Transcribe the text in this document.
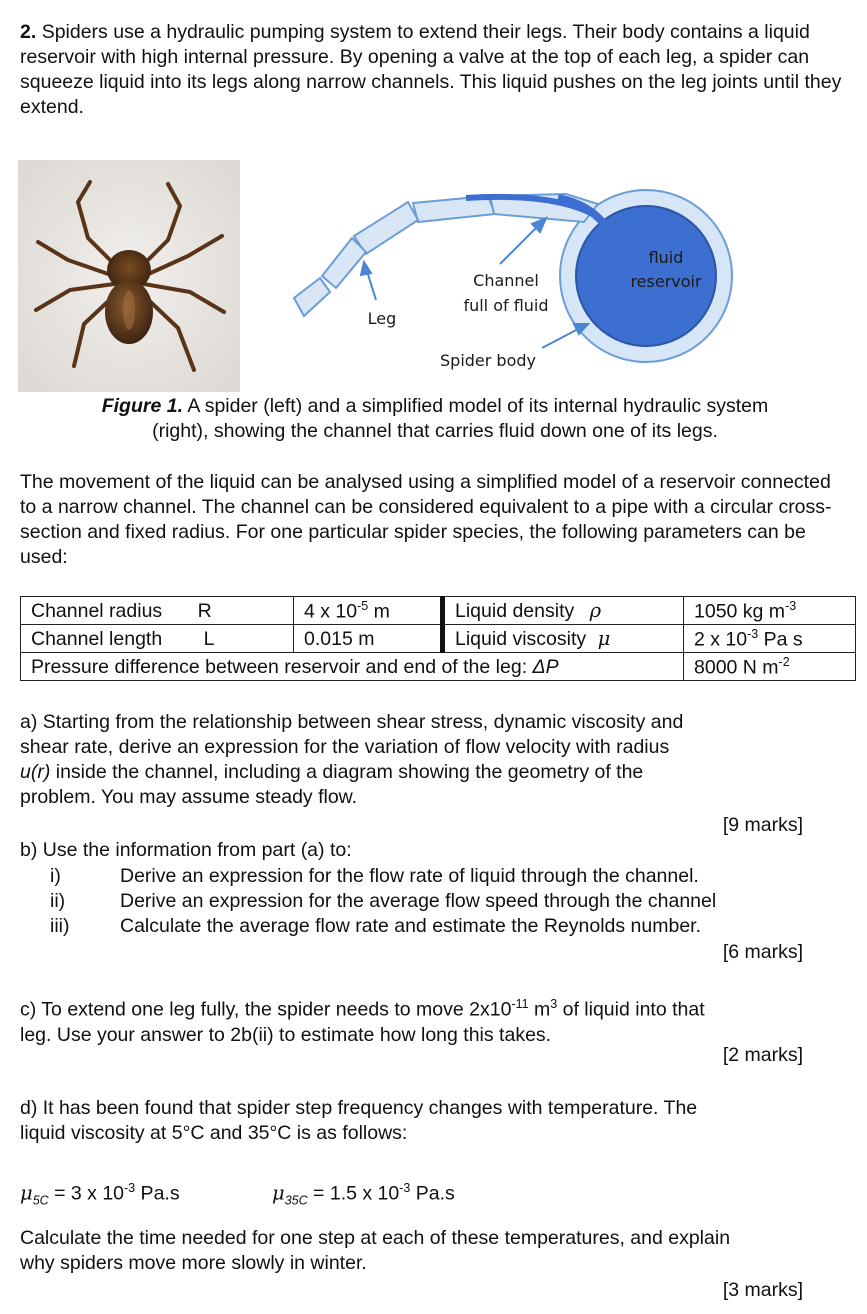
2. Spiders use a hydraulic pumping system to extend their legs. Their body contains a liquid reservoir with high internal pressure. By opening a valve at the top of each leg, a spider can squeeze liquid into its legs along narrow channels. This liquid pushes on the leg joints until they extend.
fluid
reservoir
Channel
full of fluid
Leg
Spider body
Figure 1. A spider (left) and a simplified model of its internal hydraulic system
(right), showing the channel that carries fluid down one of its legs.
The movement of the liquid can be analysed using a simplified model of a reservoir connected to a narrow channel. The channel can be considered equivalent to a pipe with a circular cross-section and fixed radius. For one particular spider species, the following parameters can be used:
Channel radius R	4 x $10^{-5}$ m	Liquid density ρ	1050 kg $m^{-3}$
Channel length L	0.015 m	Liquid viscosity μ	2 x $10^{-3}$ Pa s
Pressure difference between reservoir and end of the leg: ΔP			8000 N $m^{-2}$
a) Starting from the relationship between shear stress, dynamic viscosity and
shear rate, derive an expression for the variation of flow velocity with radius
u(r) inside the channel, including a diagram showing the geometry of the
problem. You may assume steady flow.
[9 marks]
b) Use the information from part (a) to:
i)	Derive an expression for the flow rate of liquid through the channel.
ii)	Derive an expression for the average flow speed through the channel
iii)	Calculate the average flow rate and estimate the Reynolds number.
[6 marks]
c) To extend one leg fully, the spider needs to move $2x10^{-11}$ $m^3$ of liquid into that
leg. Use your answer to 2b(ii) to estimate how long this takes.
[2 marks]
d) It has been found that spider step frequency changes with temperature. The
liquid viscosity at 5°C and 35°C is as follows:
$\mu_{5C} = 3$ x $10^{-3}$ Pa.s	$\mu_{35C} = 1.5$ x $10^{-3}$ Pa.s
Calculate the time needed for one step at each of these temperatures, and explain
why spiders move more slowly in winter.
[3 marks]
